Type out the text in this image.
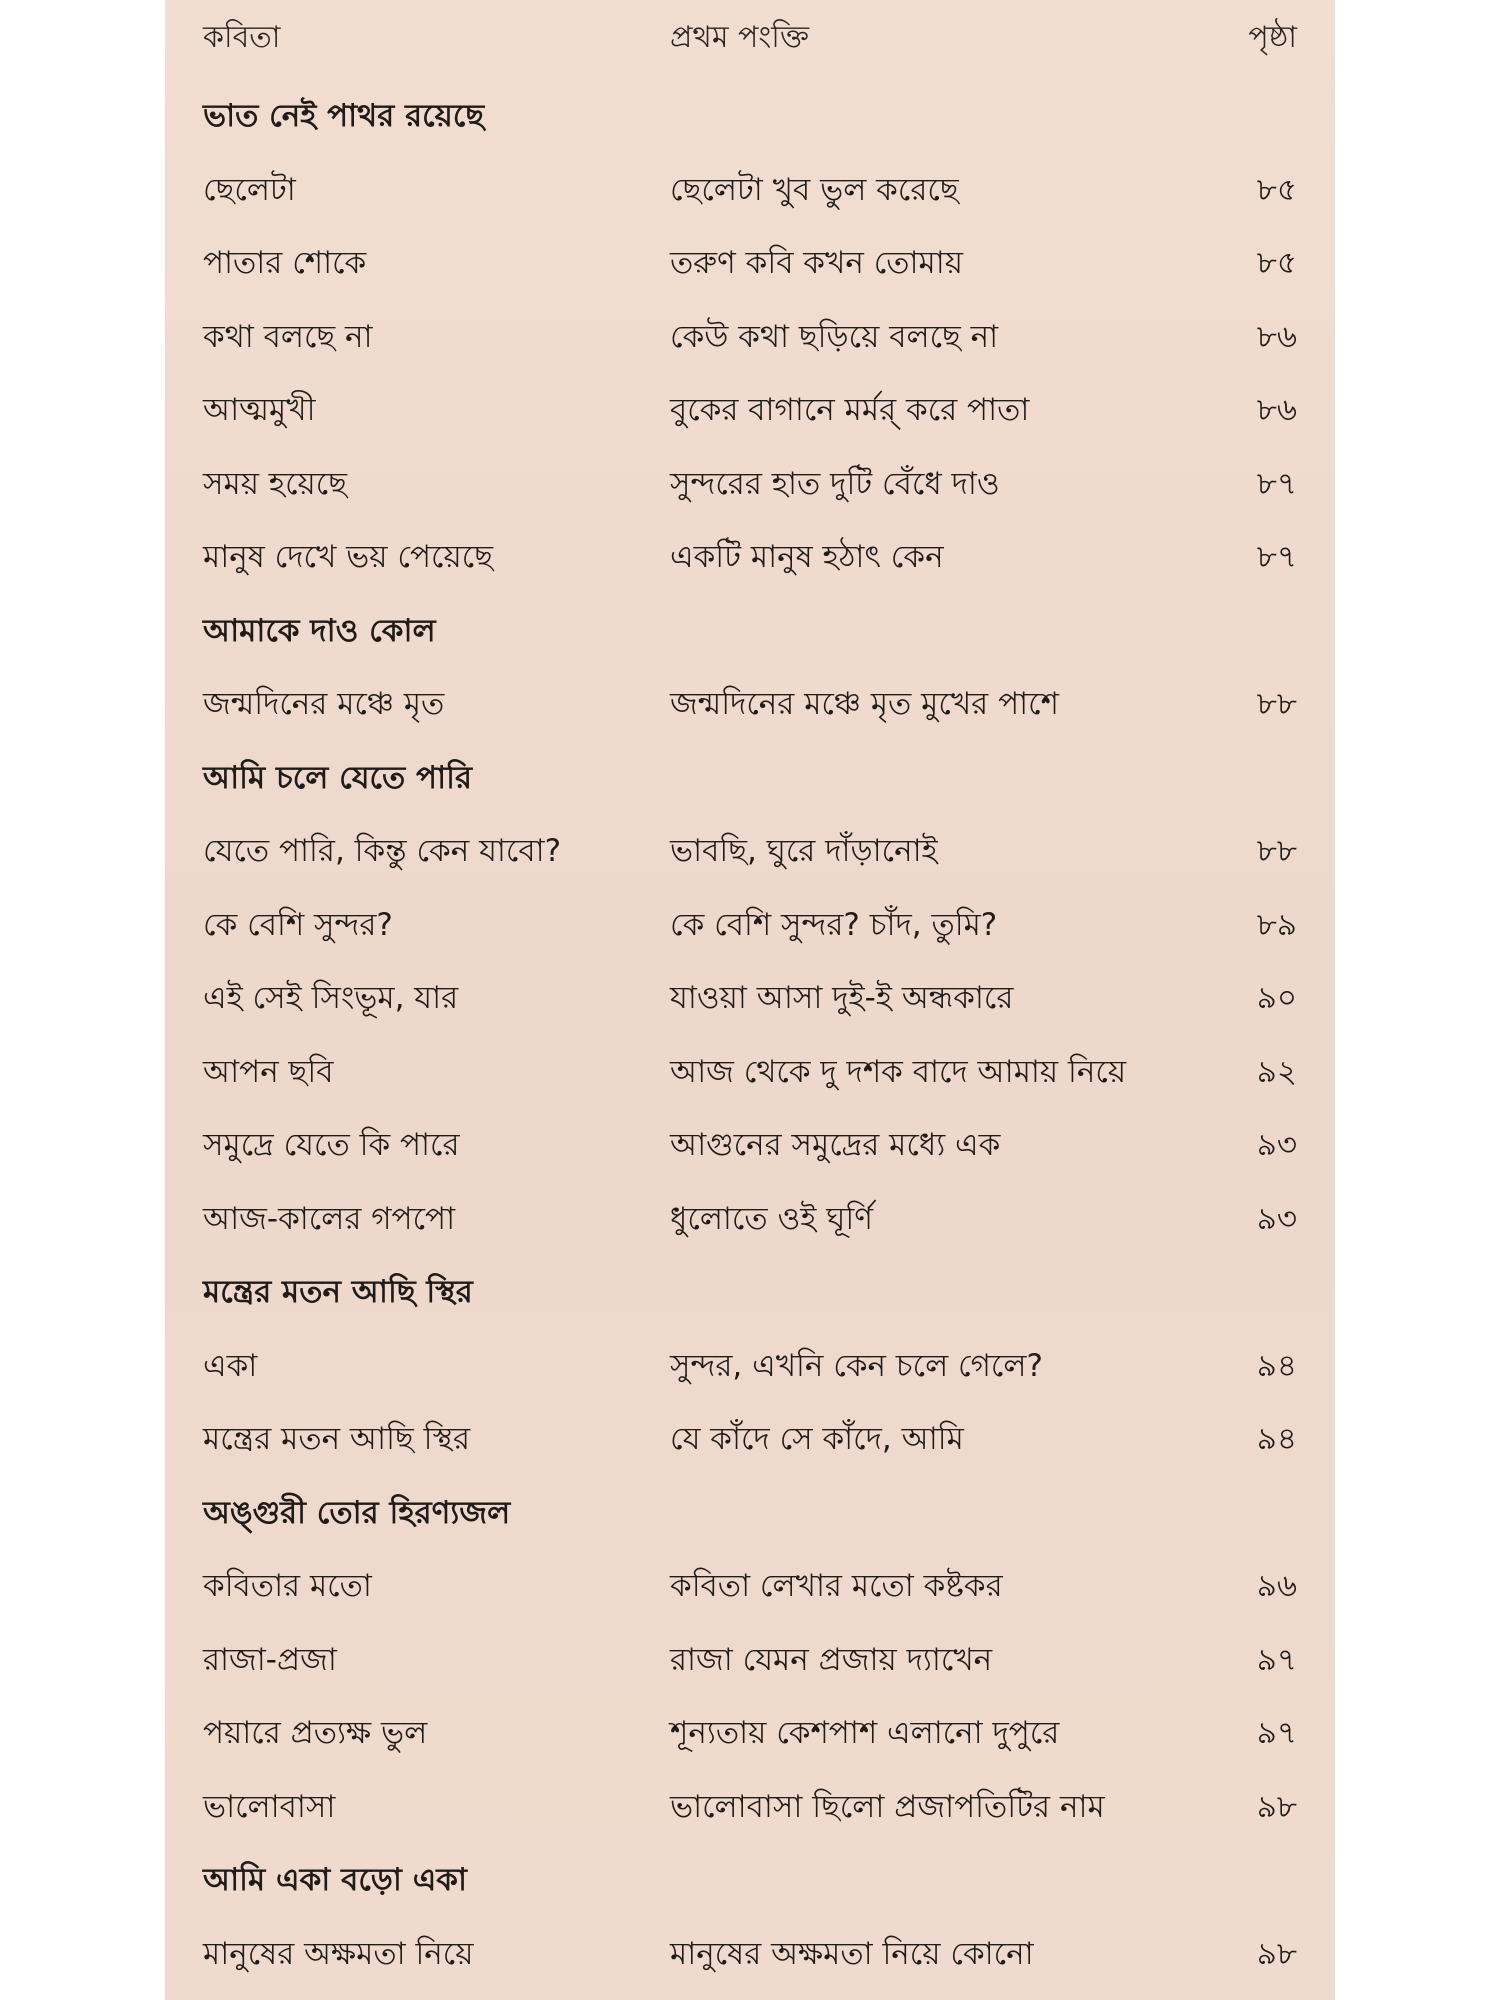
কবিতা	প্রথম পংক্তি	পৃষ্ঠা
ভাত নেই পাথর রয়েছে
ছেলেটা	ছেলেটা খুব ভুল করেছে	৮৫
পাতার শোকে	তরুণ কবি কখন তোমায়	৮৫
কথা বলছে না	কেউ কথা ছড়িয়ে বলছে না	৮৬
আত্মমুখী	বুকের বাগানে মর্মর্ করে পাতা	৮৬
সময় হয়েছে	সুন্দরের হাত দুটি বেঁধে দাও	৮৭
মানুষ দেখে ভয় পেয়েছে	একটি মানুষ হঠাৎ কেন	৮৭
আমাকে দাও কোল
জন্মদিনের মঞ্চে মৃত	জন্মদিনের মঞ্চে মৃত মুখের পাশে	৮৮
আমি চলে যেতে পারি
যেতে পারি, কিন্তু কেন যাবো?	ভাবছি, ঘুরে দাঁড়ানোই	৮৮
কে বেশি সুন্দর?	কে বেশি সুন্দর? চাঁদ, তুমি?	৮৯
এই সেই সিংভূম, যার	যাওয়া আসা দুই-ই অন্ধকারে	৯০
আপন ছবি	আজ থেকে দু দশক বাদে আমায় নিয়ে	৯২
সমুদ্রে যেতে কি পারে	আগুনের সমুদ্রের মধ্যে এক	৯৩
আজ-কালের গপপো	ধুলোতে ওই ঘূর্ণি	৯৩
মন্ত্রের মতন আছি স্থির
একা	সুন্দর, এখনি কেন চলে গেলে?	৯৪
মন্ত্রের মতন আছি স্থির	যে কাঁদে সে কাঁদে, আমি	৯৪
অঙ্গুরী তোর হিরণ্যজল
কবিতার মতো	কবিতা লেখার মতো কষ্টকর	৯৬
রাজা-প্রজা	রাজা যেমন প্রজায় দ্যাখেন	৯৭
পয়ারে প্রত্যক্ষ ভুল	শূন্যতায় কেশপাশ এলানো দুপুরে	৯৭
ভালোবাসা	ভালোবাসা ছিলো প্রজাপতিটির নাম	৯৮
আমি একা বড়ো একা
মানুষের অক্ষমতা নিয়ে	মানুষের অক্ষমতা নিয়ে কোনো	৯৮
